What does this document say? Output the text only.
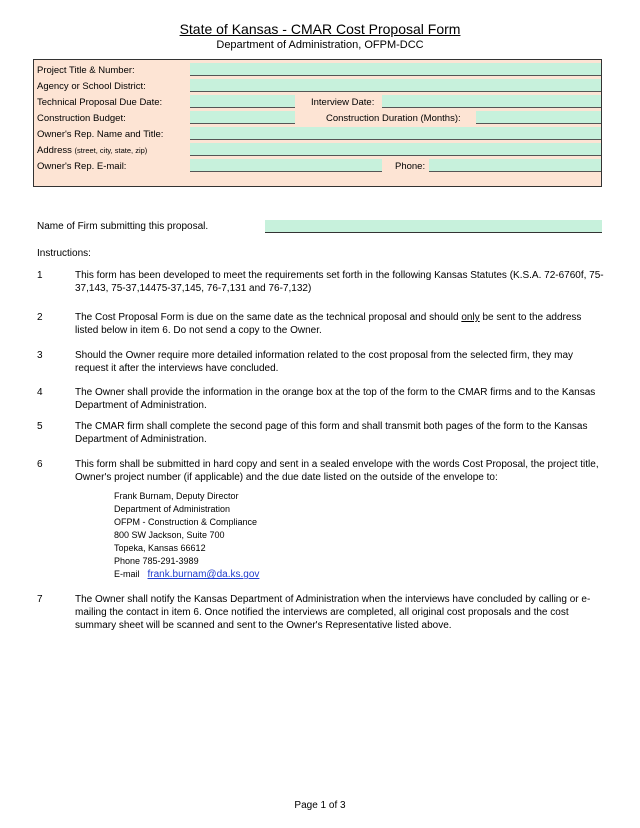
State of Kansas - CMAR Cost Proposal Form
Department of Administration, OFPM-DCC
Project Title & Number:
Agency or School District:
Technical Proposal Due Date:	Interview Date:
Construction Budget:	Construction Duration (Months):
Owner's Rep. Name and Title:
Address (street, city, state, zip)
Owner's Rep. E-mail:	Phone:
Name of Firm submitting this proposal.
Instructions:
1	This form has been developed to meet the requirements set forth in the following Kansas Statutes (K.S.A. 72-6760f, 75-37,143, 75-37,14475-37,145, 76-7,131 and 76-7,132)
2	The Cost Proposal Form is due on the same date as the technical proposal and should only be sent to the address listed below in item 6. Do not send a copy to the Owner.
3	Should the Owner require more detailed information related to the cost proposal from the selected firm, they may request it after the interviews have concluded.
4	The Owner shall provide the information in the orange box at the top of the form to the CMAR firms and to the Kansas Department of Administration.
5	The CMAR firm shall complete the second page of this form and shall transmit both pages of the form to the Kansas Department of Administration.
6	This form shall be submitted in hard copy and sent in a sealed envelope with the words Cost Proposal, the project title, Owner's project number (if applicable) and the due date listed on the outside of the envelope to:
Frank Burnam, Deputy Director
Department of Administration
OFPM - Construction & Compliance
800 SW Jackson, Suite 700
Topeka, Kansas 66612
Phone 785-291-3989
E-mail frank.burnam@da.ks.gov
7	The Owner shall notify the Kansas Department of Administration when the interviews have concluded by calling or e-mailing the contact in item 6. Once notified the interviews are completed, all original cost proposals and the cost summary sheet will be scanned and sent to the Owner's Representative listed above.
Page 1 of 3
